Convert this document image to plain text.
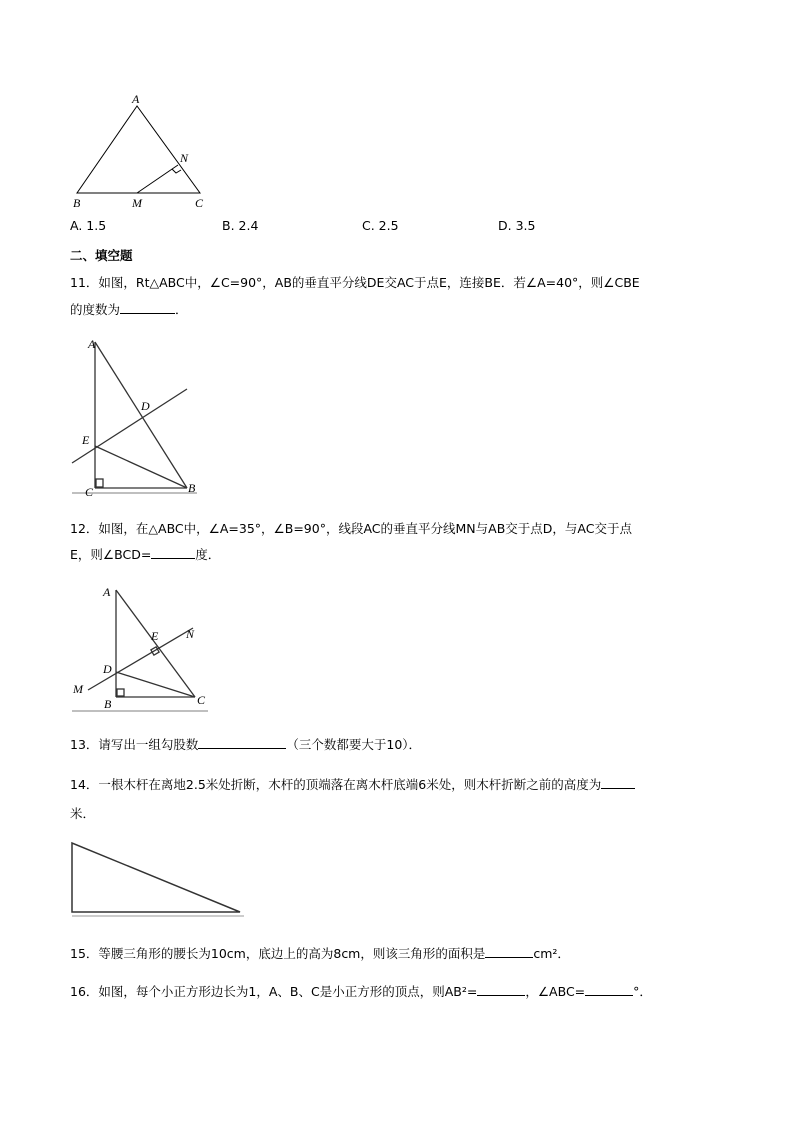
A
N
B	M	C
A
D
E
C	B
A
E N
D
M
B	C
A. 1.5	B. 2.4	C. 2.5	D. 3.5
二、填空题
11．如图，Rt△ABC中，∠C=90°，AB的垂直平分线DE交AC于点E，连接BE．若∠A=40°，则∠CBE
的度数为	．
12．如图，在△ABC中，∠A=35°，∠B=90°，线段AC的垂直平分线MN与AB交于点D，与AC交于点
E，则∠BCD=	度．
13．请写出一组勾股数	（三个数都要大于10）．
14．一根木杆在离地2.5米处折断，木杆的顶端落在离木杆底端6米处，则木杆折断之前的高度为
米．
15．等腰三角形的腰长为10cm，底边上的高为8cm，则该三角形的面积是	cm²．
16．如图，每个小正方形边长为1，A、B、C是小正方形的顶点，则AB²=	，∠ABC=	°．
